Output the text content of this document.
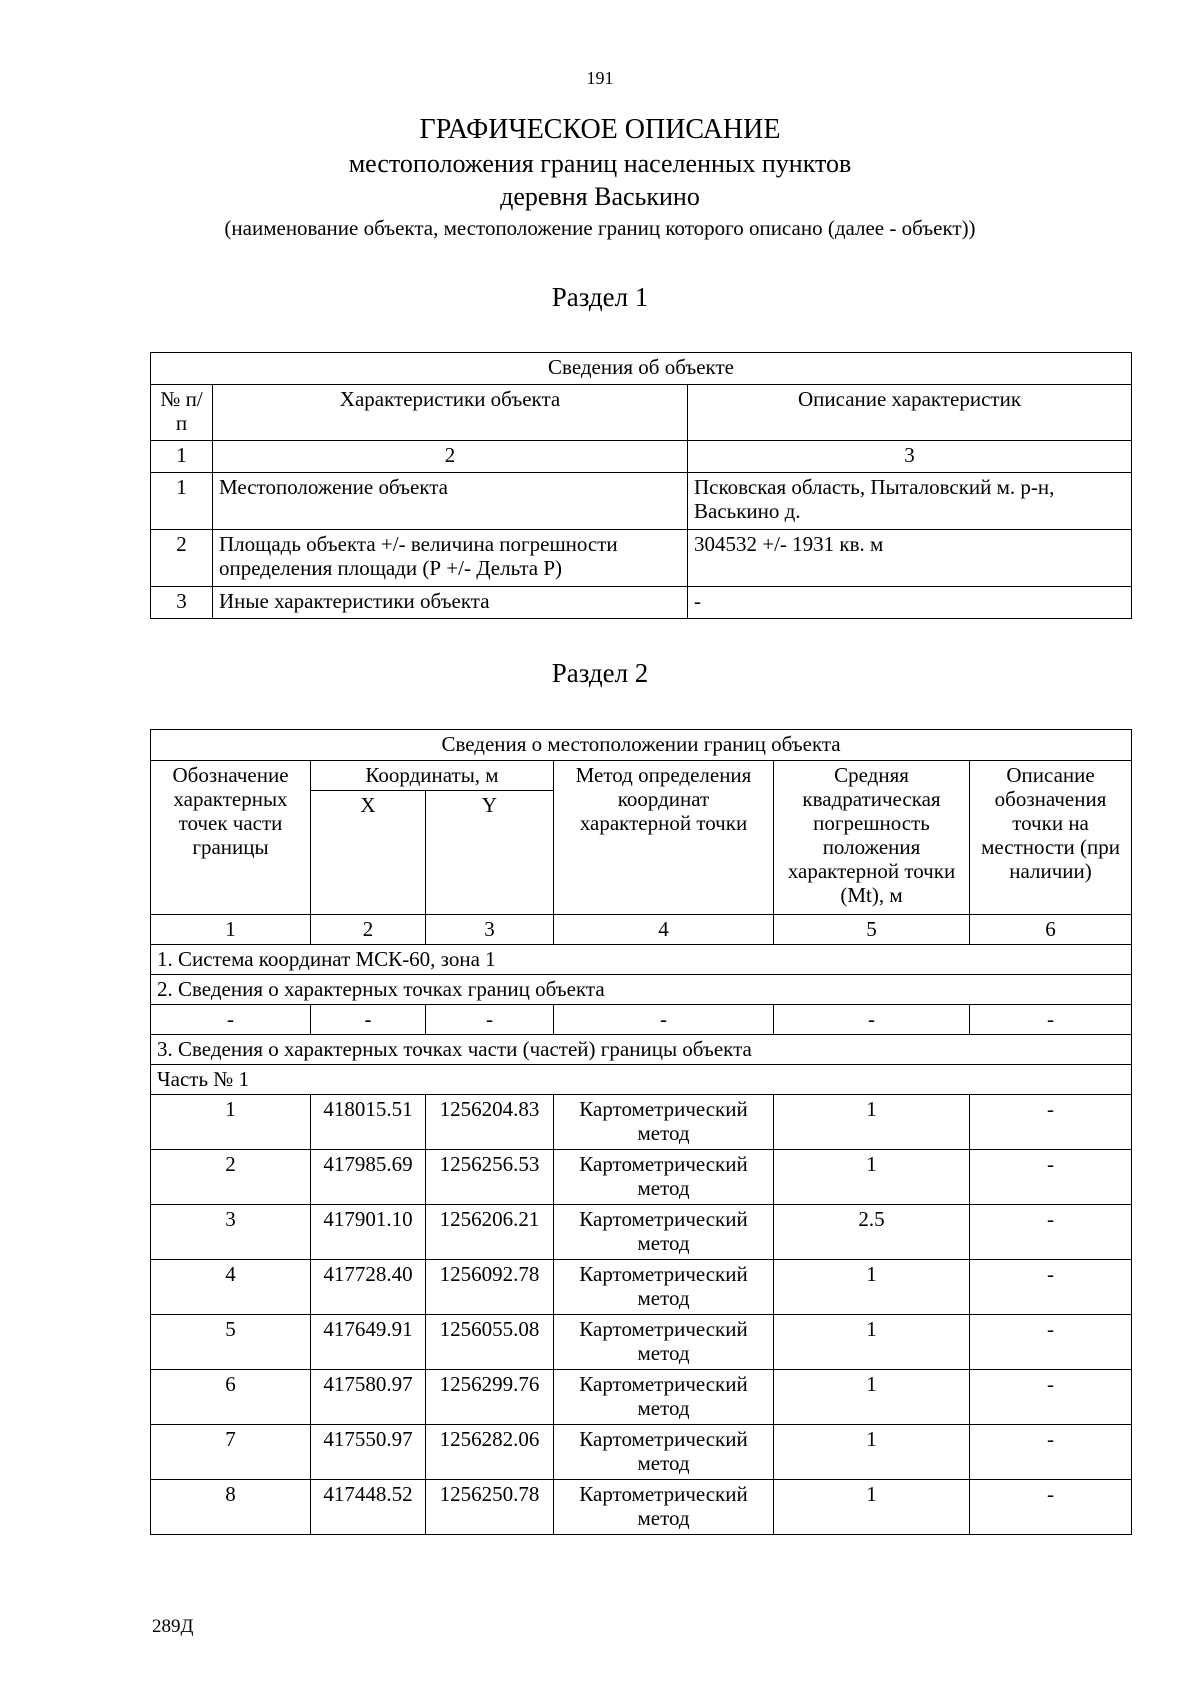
191
ГРАФИЧЕСКОЕ ОПИСАНИЕ
местоположения границ населенных пунктов
деревня Васькино
(наименование объекта, местоположение границ которого описано (далее - объект))
Раздел 1
Сведения об объекте		
№ п/п	Характеристики объекта	Описание характеристик
1	2	3
1	Местоположение объекта	Псковская область, Пыталовский м. р-н, Васькино д.
2	Площадь объекта +/- величина погрешности определения площади (Р +/- Дельта Р)	304532 +/- 1931 кв. м
3	Иные характеристики объекта	-
Раздел 2
Сведения о местоположении границ объекта					
Обозначение характерных точек части границы	Координаты, м		Метод определения координат характерной точки	Средняя квадратическая погрешность положения характерной точки (Mt), м	Описание обозначения точки на местности (при наличии)
	X	Y			
1	2	3	4	5	6
1. Система координат МСК-60, зона 1					
2. Сведения о характерных точках границ объекта					
-	-	-	-	-	-
3. Сведения о характерных точках части (частей) границы объекта					
Часть № 1					
1	418015.51	1256204.83	Картометрический метод	1	-
2	417985.69	1256256.53	Картометрический метод	1	-
3	417901.10	1256206.21	Картометрический метод	2.5	-
4	417728.40	1256092.78	Картометрический метод	1	-
5	417649.91	1256055.08	Картометрический метод	1	-
6	417580.97	1256299.76	Картометрический метод	1	-
7	417550.97	1256282.06	Картометрический метод	1	-
8	417448.52	1256250.78	Картометрический метод	1	-
289Д
